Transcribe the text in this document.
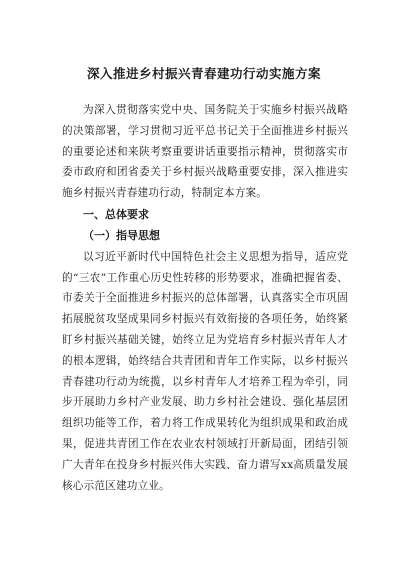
深入推进乡村振兴青春建功行动实施方案

为深入贯彻落实党中央、国务院关于实施乡村振兴战略的决策部署，学习贯彻习近平总书记关于全面推进乡村振兴的重要论述和来陕考察重要讲话重要指示精神，贯彻落实市委市政府和团省委关于乡村振兴战略重要安排，深入推进实施乡村振兴青春建功行动，特制定本方案。

一、总体要求

（一）指导思想

以习近平新时代中国特色社会主义思想为指导，适应党的“三农”工作重心历史性转移的形势要求，准确把握省委、市委关于全面推进乡村振兴的总体部署，认真落实全市巩固拓展脱贫攻坚成果同乡村振兴有效衔接的各项任务，始终紧盯乡村振兴基础关键，始终立足为党培育乡村振兴青年人才的根本逻辑，始终结合共青团和青年工作实际，以乡村振兴青春建功行动为统揽，以乡村青年人才培养工程为牵引，同步开展助力乡村产业发展、助力乡村社会建设、强化基层团组织功能等工作，着力将工作成果转化为组织成果和政治成果，促进共青团工作在农业农村领域打开新局面，团结引领广大青年在投身乡村振兴伟大实践、奋力谱写xx高质量发展核心示范区建功立业。
